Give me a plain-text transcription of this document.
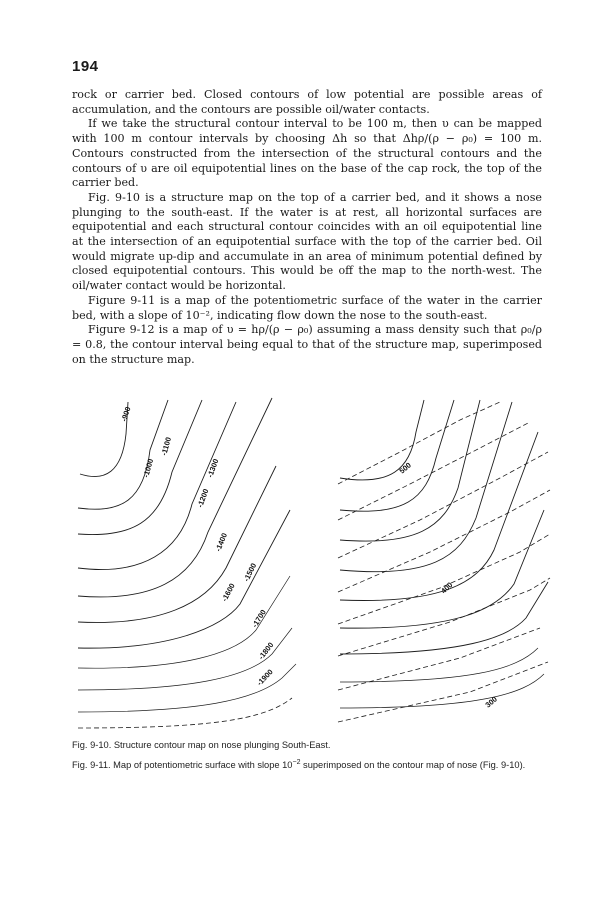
194

rock or carrier bed. Closed contours of low potential are possible areas of accumulation, and the contours are possible oil/water contacts.

If we take the structural contour interval to be 100 m, then υ can be mapped with 100 m contour intervals by choosing Δh so that Δhρ/(ρ − ρ₀) = 100 m. Contours constructed from the intersection of the structural contours and the contours of υ are oil equipotential lines on the base of the cap rock, the top of the carrier bed.

Fig. 9-10 is a structure map on the top of a carrier bed, and it shows a nose plunging to the south-east. If the water is at rest, all horizontal surfaces are equipotential and each structural contour coincides with an oil equipotential line at the intersection of an equipotential surface with the top of the carrier bed. Oil would migrate up-dip and accumulate in an area of minimum potential defined by closed equipotential contours. This would be off the map to the north-west. The oil/water contact would be horizontal.

Figure 9-11 is a map of the potentiometric surface of the water in the carrier bed, with a slope of 10⁻², indicating flow down the nose to the south-east.

Figure 9-12 is a map of υ = hρ/(ρ − ρ₀) assuming a mass density such that ρ₀/ρ = 0.8, the contour interval being equal to that of the structure map, superimposed on the structure map.

-900
-1000
-1100
-1200
-1300
-1400
-1500
-1600
-1700
-1800
-1900
500
400
300
Fig. 9-10. Structure contour map on nose plunging South-East.
Fig. 9-11. Map of potentiometric surface with slope $10^{-2}$ superimposed on the contour map of nose (Fig. 9-10).
